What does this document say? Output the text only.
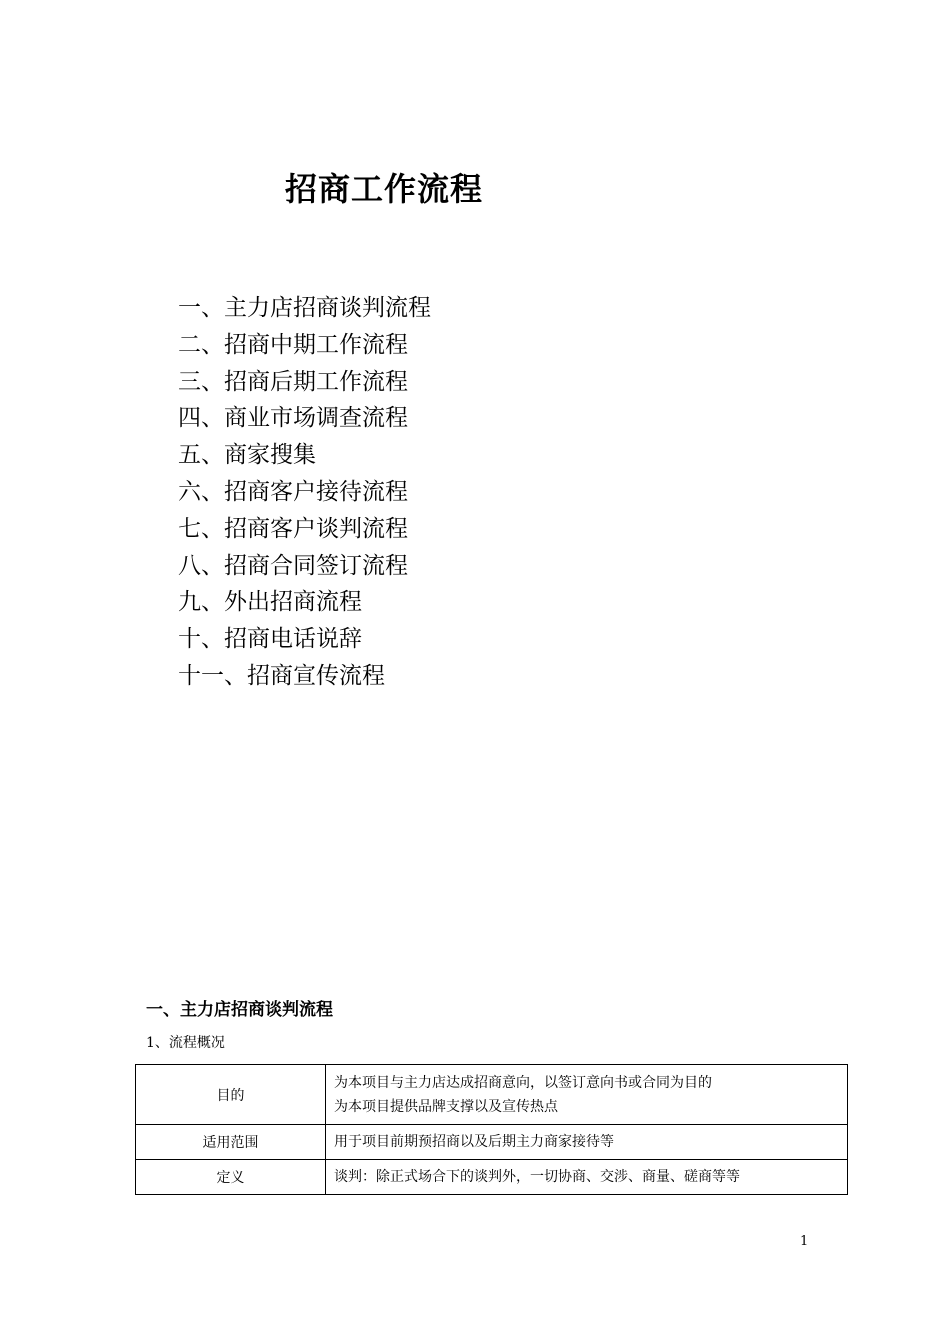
招商工作流程
一、主力店招商谈判流程
二、招商中期工作流程
三、招商后期工作流程
四、商业市场调查流程
五、商家搜集
六、招商客户接待流程
七、招商客户谈判流程
八、招商合同签订流程
九、外出招商流程
十、招商电话说辞
十一、招商宣传流程
一、主力店招商谈判流程
1、流程概况
目的	为本项目与主力店达成招商意向，以签订意向书或合同为目的
为本项目提供品牌支撑以及宣传热点

适用范围	用于项目前期预招商以及后期主力商家接待等

定义	谈判：除正式场合下的谈判外，一切协商、交涉、商量、磋商等等
1
